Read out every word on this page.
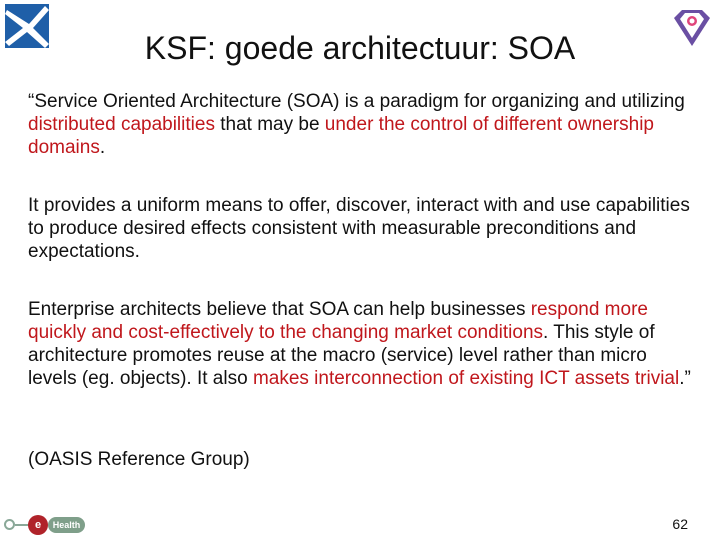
KSF: goede architectuur: SOA
“Service Oriented Architecture (SOA) is a paradigm for organizing and utilizing distributed capabilities that may be under the control of different ownership domains.
It provides a uniform means to offer, discover, interact with and use capabilities to produce desired effects consistent with measurable preconditions and expectations.
Enterprise architects believe that SOA can help businesses respond more quickly and cost-effectively to the changing market conditions. This style of architecture promotes reuse at the macro (service) level rather than micro levels (eg. objects). It also makes interconnection of existing ICT assets trivial.”
(OASIS Reference Group)
e	Health	62
